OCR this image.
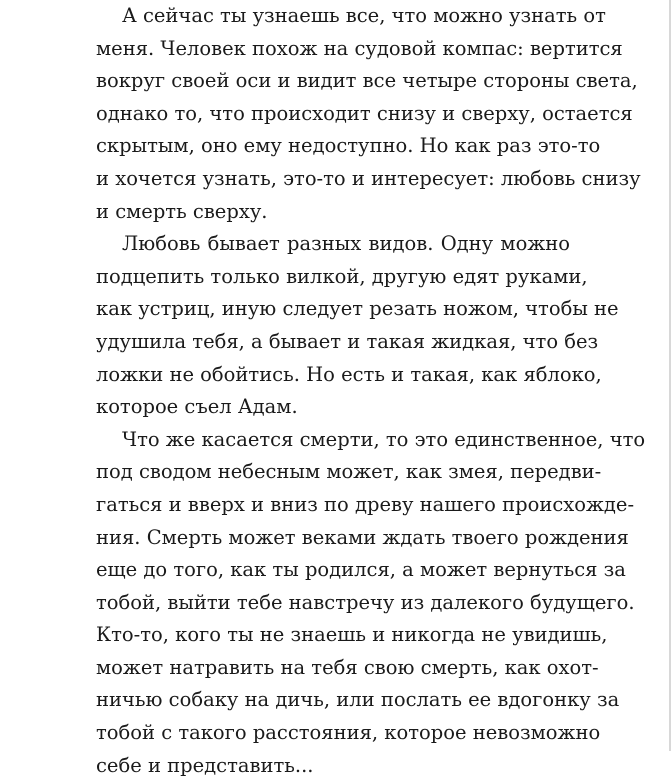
А сейчас ты узнаешь все, что можно узнать от
меня. Человек похож на судовой компас: вертится
вокруг своей оси и видит все четыре стороны света,
однако то, что происходит снизу и сверху, остается
скрытым, оно ему недоступно. Но как раз это-то
и хочется узнать, это-то и интересует: любовь снизу
и смерть сверху.
Любовь бывает разных видов. Одну можно
подцепить только вилкой, другую едят руками,
как устриц, иную следует резать ножом, чтобы не
удушила тебя, а бывает и такая жидкая, что без
ложки не обойтись. Но есть и такая, как яблоко,
которое съел Адам.
Что же касается смерти, то это единственное, что
под сводом небесным может, как змея, передви-
гаться и вверх и вниз по древу нашего происхожде-
ния. Смерть может веками ждать твоего рождения
еще до того, как ты родился, а может вернуться за
тобой, выйти тебе навстречу из далекого будущего.
Кто-то, кого ты не знаешь и никогда не увидишь,
может натравить на тебя свою смерть, как охот-
ничью собаку на дичь, или послать ее вдогонку за
тобой с такого расстояния, которое невозможно
себе и представить...
